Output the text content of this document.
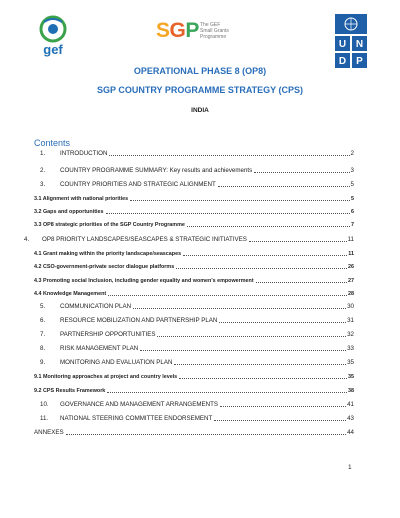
gef
SGP The GEF
Small Grants
Programme
U N
D P
OPERATIONAL PHASE 8 (OP8)
SGP COUNTRY PROGRAMME STRATEGY (CPS)
INDIA
Contents
1.	INTRODUCTION	2
2.	COUNTRY PROGRAMME SUMMARY: Key results and achievements	3
3.	COUNTRY PRIORITIES AND STRATEGIC ALIGNMENT	5
3.1 Alignment with national priorities	5
3.2 Gaps and opportunities	6
3.3 OP8 strategic priorities of the SGP Country Programme	7
4.	OP8 PRIORITY LANDSCAPES/SEASCAPES & STRATEGIC INITIATIVES	11
4.1 Grant making within the priority landscape/seascapes	11
4.2 CSO-government-private sector dialogue platforms	26
4.3 Promoting social Inclusion, including gender equality and women's empowerment	27
4.4 Knowledge Management	28
5.	COMMUNICATION PLAN	30
6.	RESOURCE MOBILIZATION AND PARTNERSHIP PLAN	31
7.	PARTNERSHIP OPPORTUNITIES	32
8.	RISK MANAGEMENT PLAN	33
9.	MONITORING AND EVALUATION PLAN	35
9.1 Monitoring approaches at project and country levels	35
9.2 CPS Results Framework	38
10.	GOVERNANCE AND MANAGEMENT ARRANGEMENTS	41
11.	NATIONAL STEERING COMMITTEE ENDORSEMENT	43
ANNEXES	44
1
